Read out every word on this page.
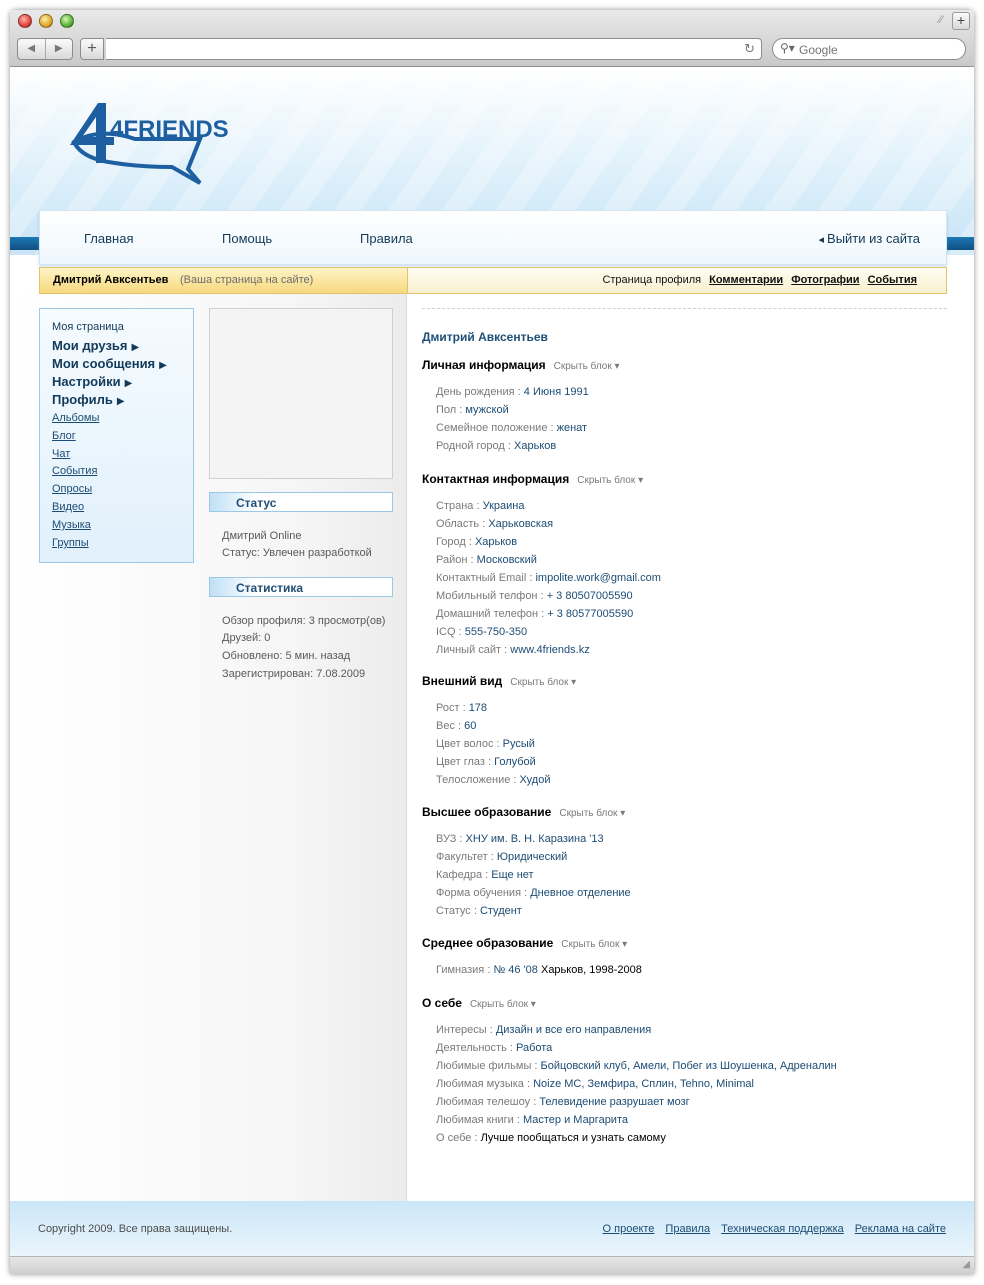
⁄⁄	+
◀	▶	+	↻ ⚲▾
Google
4FRIENDS
Главная	Помощь	Правила
◂	Выйти из сайта
Дмитрий Авксентьев (Ваша страница на сайте)	Страница профиля Комментарии Фотографии События
Моя страница
Мои друзья ▶
Мои сообщения ▶
Настройки ▶
Профиль ▶
Альбомы
Блог
Чат
События
Опросы
Видео
Музыка
Группы
Статус
Дмитрий Online
Статус: Увлечен разработкой
Статистика
Обзор профиля: 3 просмотр(ов)
Друзей: 0
Обновлено: 5 мин. назад
Зарегистрирован: 7.08.2009
Дмитрий Авксентьев
Личная информация Скрыть блок ▾
День рождения : 4 Июня 1991
Пол : мужской
Семейное положение : женат
Родной город : Харьков
Контактная информация Скрыть блок ▾
Страна : Украина
Область : Харьковская
Город : Харьков
Район : Московский
Контактный Email : impolite.work@gmail.com
Мобильный телфон : + 3 80507005590
Домашний телефон : + 3 80577005590
ICQ : 555-750-350
Личный сайт : www.4friends.kz
Внешний вид Скрыть блок ▾
Рост : 178
Вес : 60
Цвет волос : Русый
Цвет глаз : Голубой
Телосложение : Худой
Высшее образование Скрыть блок ▾
ВУЗ : ХНУ им. В. Н. Каразина '13
Факультет : Юридический
Кафедра : Еще нет
Форма обучения : Дневное отделение
Статус : Студент
Среднее образование Скрыть блок ▾
Гимназия : № 46 '08 Харьков, 1998-2008
О себе Скрыть блок ▾
Интересы : Дизайн и все его направления
Деятельность : Работа
Любимые фильмы : Бойцовский клуб, Амели, Побег из Шоушенка, Адреналин
Любимая музыка : Noize MC, Земфира, Сплин, Tehno, Minimal
Любимая телешоу : Телевидение разрушает мозг
Любимая книги : Мастер и Маргарита
О себе : Лучше пообщаться и узнать самому
Copyright 2009. Все права защищены.	О проекте Правила Техническая поддержка Реклама на сайте
◢
